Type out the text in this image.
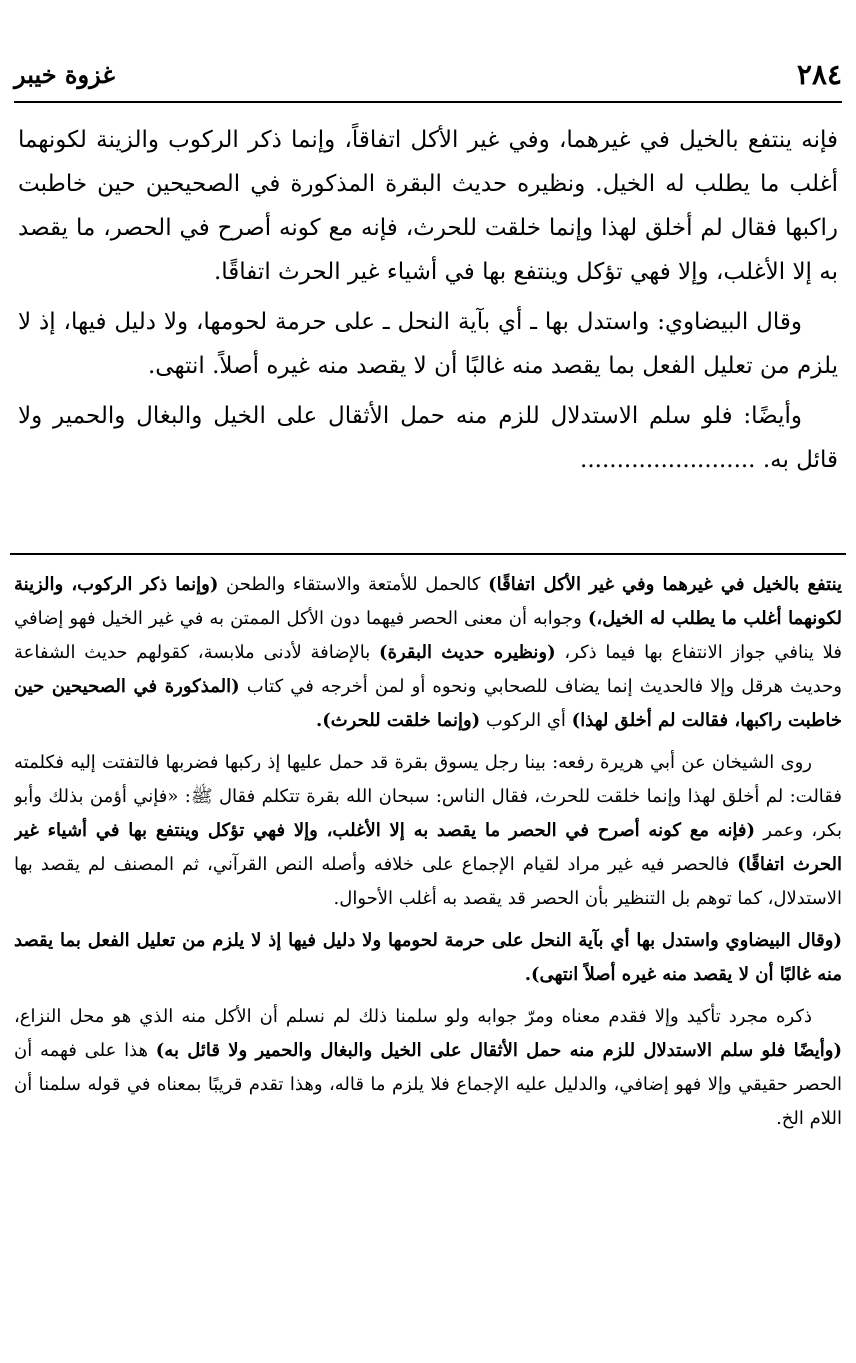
٢٨٤
غزوة خيبر

فإنه ينتفع بالخيل في غيرهما، وفي غير الأكل اتفاقاً، وإنما ذكر الركوب والزينة لكونهما أغلب ما يطلب له الخيل. ونظيره حديث البقرة المذكورة في الصحيحين حين خاطبت راكبها فقال لم أخلق لهذا وإنما خلقت للحرث، فإنه مع كونه أصرح في الحصر، ما يقصد به إلا الأغلب، وإلا فهي تؤكل وينتفع بها في أشياء غير الحرث اتفاقًا.

وقال البيضاوي: واستدل بها ـ أي بآية النحل ـ على حرمة لحومها، ولا دليل فيها، إذ لا يلزم من تعليل الفعل بما يقصد منه غالبًا أن لا يقصد منه غيره أصلاً. انتهى.

وأيضًا: فلو سلم الاستدلال للزم منه حمل الأثقال على الخيل والبغال والحمير ولا قائل به. ........................

ينتفع بالخيل في غيرهما وفي غير الأكل اتفاقًا) كالحمل للأمتعة والاستقاء والطحن (وإنما ذكر الركوب، والزينة لكونهما أغلب ما يطلب له الخيل،) وجوابه أن معنى الحصر فيهما دون الأكل الممتن به في غير الخيل فهو إضافي فلا ينافي جواز الانتفاع بها فيما ذكر، (ونظيره حديث البقرة) بالإضافة لأدنى ملابسة، كقولهم حديث الشفاعة وحديث هرقل وإلا فالحديث إنما يضاف للصحابي ونحوه أو لمن أخرجه في كتاب (المذكورة في الصحيحين حين خاطبت راكبها، فقالت لم أخلق لهذا) أي الركوب (وإنما خلقت للحرث).

روى الشيخان عن أبي هريرة رفعه: بينا رجل يسوق بقرة قد حمل عليها إذ ركبها فضربها فالتفتت إليه فكلمته فقالت: لم أخلق لهذا وإنما خلقت للحرث، فقال الناس: سبحان الله بقرة تتكلم فقال ﷺ: «فإني أؤمن بذلك وأبو بكر، وعمر (فإنه مع كونه أصرح في الحصر ما يقصد به إلا الأغلب، وإلا فهي تؤكل وينتفع بها في أشياء غير الحرث اتفاقًا) فالحصر فيه غير مراد لقيام الإجماع على خلافه وأصله النص القرآني، ثم المصنف لم يقصد بها الاستدلال، كما توهم بل التنظير بأن الحصر قد يقصد به أغلب الأحوال.

(وقال البيضاوي واستدل بها أي بآية النحل على حرمة لحومها ولا دليل فيها إذ لا يلزم من تعليل الفعل بما يقصد منه غالبًا أن لا يقصد منه غيره أصلاً انتهى).

ذكره مجرد تأكيد وإلا فقدم معناه ومرّ جوابه ولو سلمنا ذلك لم نسلم أن الأكل منه الذي هو محل النزاع، (وأيضًا فلو سلم الاستدلال للزم منه حمل الأثقال على الخيل والبغال والحمير ولا قائل به) هذا على فهمه أن الحصر حقيقي وإلا فهو إضافي، والدليل عليه الإجماع فلا يلزم ما قاله، وهذا تقدم قريبًا بمعناه في قوله سلمنا أن اللام الخ.
